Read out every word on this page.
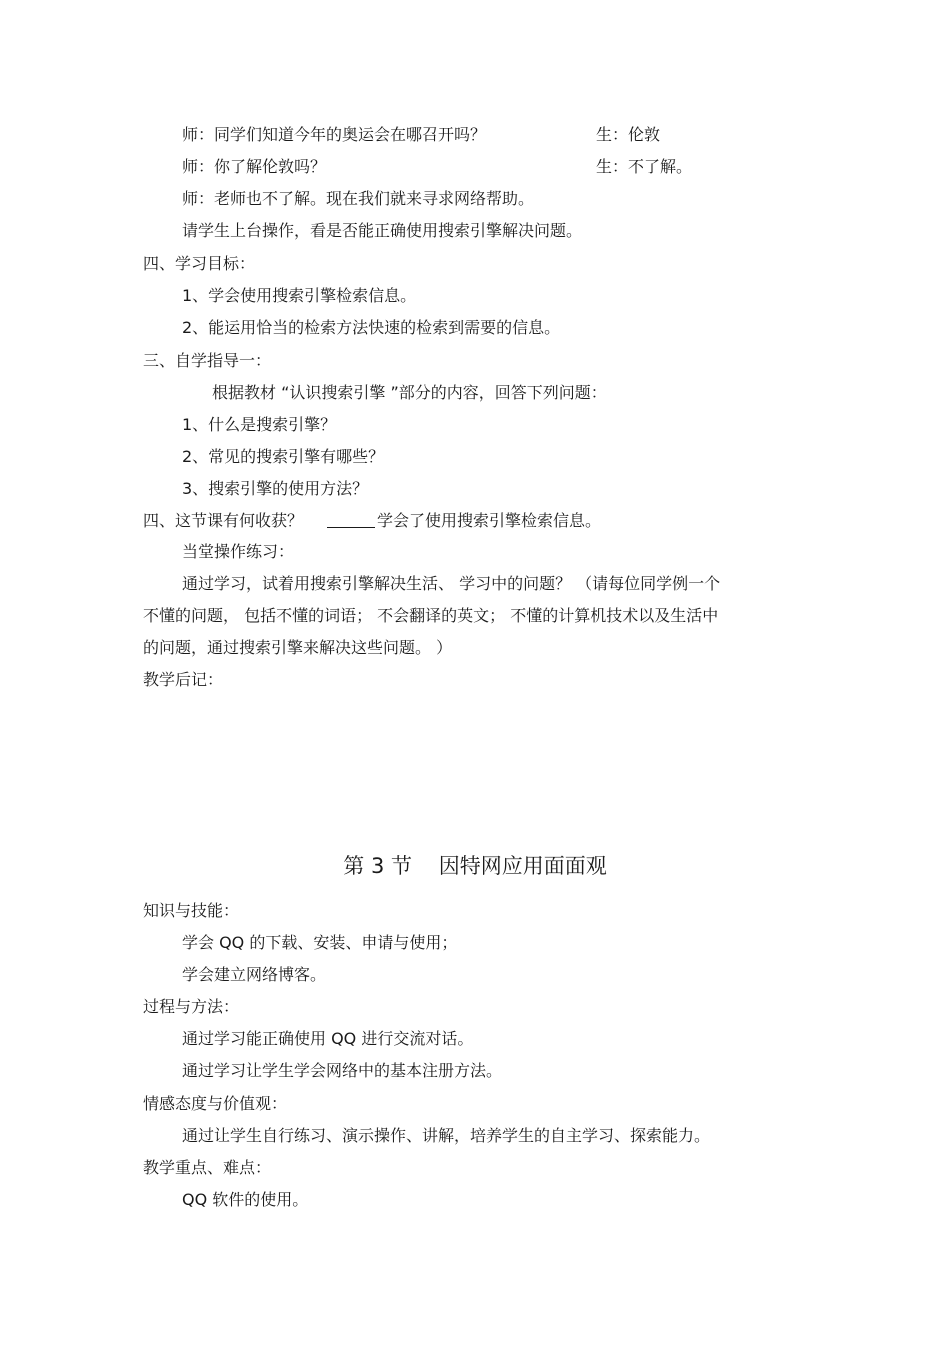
师：同学们知道今年的奥运会在哪召开吗？	生：伦敦
师：你了解伦敦吗？	生：不了解。
师：老师也不了解。现在我们就来寻求网络帮助。
请学生上台操作，看是否能正确使用搜索引擎解决问题。
四、学习目标：
1、学会使用搜索引擎检索信息。
2、能运用恰当的检索方法快速的检索到需要的信息。
三、自学指导一：
根据教材 “认识搜索引擎 ”部分的内容，回答下列问题：
1、什么是搜索引擎？
2、常见的搜索引擎有哪些？
3、搜索引擎的使用方法？
四、这节课有何收获？	学会了使用搜索引擎检索信息。
当堂操作练习：
通过学习，试着用搜索引擎解决生活、 学习中的问题？ （请每位同学例一个
不懂的问题， 包括不懂的词语； 不会翻译的英文； 不懂的计算机技术以及生活中
的问题，通过搜索引擎来解决这些问题。 ）
教学后记：
第 3 节    因特网应用面面观
知识与技能：
学会 QQ 的下载、安装、申请与使用；
学会建立网络博客。
过程与方法：
通过学习能正确使用 QQ 进行交流对话。
通过学习让学生学会网络中的基本注册方法。
情感态度与价值观：
通过让学生自行练习、演示操作、讲解，培养学生的自主学习、探索能力。
教学重点、难点：
QQ 软件的使用。
